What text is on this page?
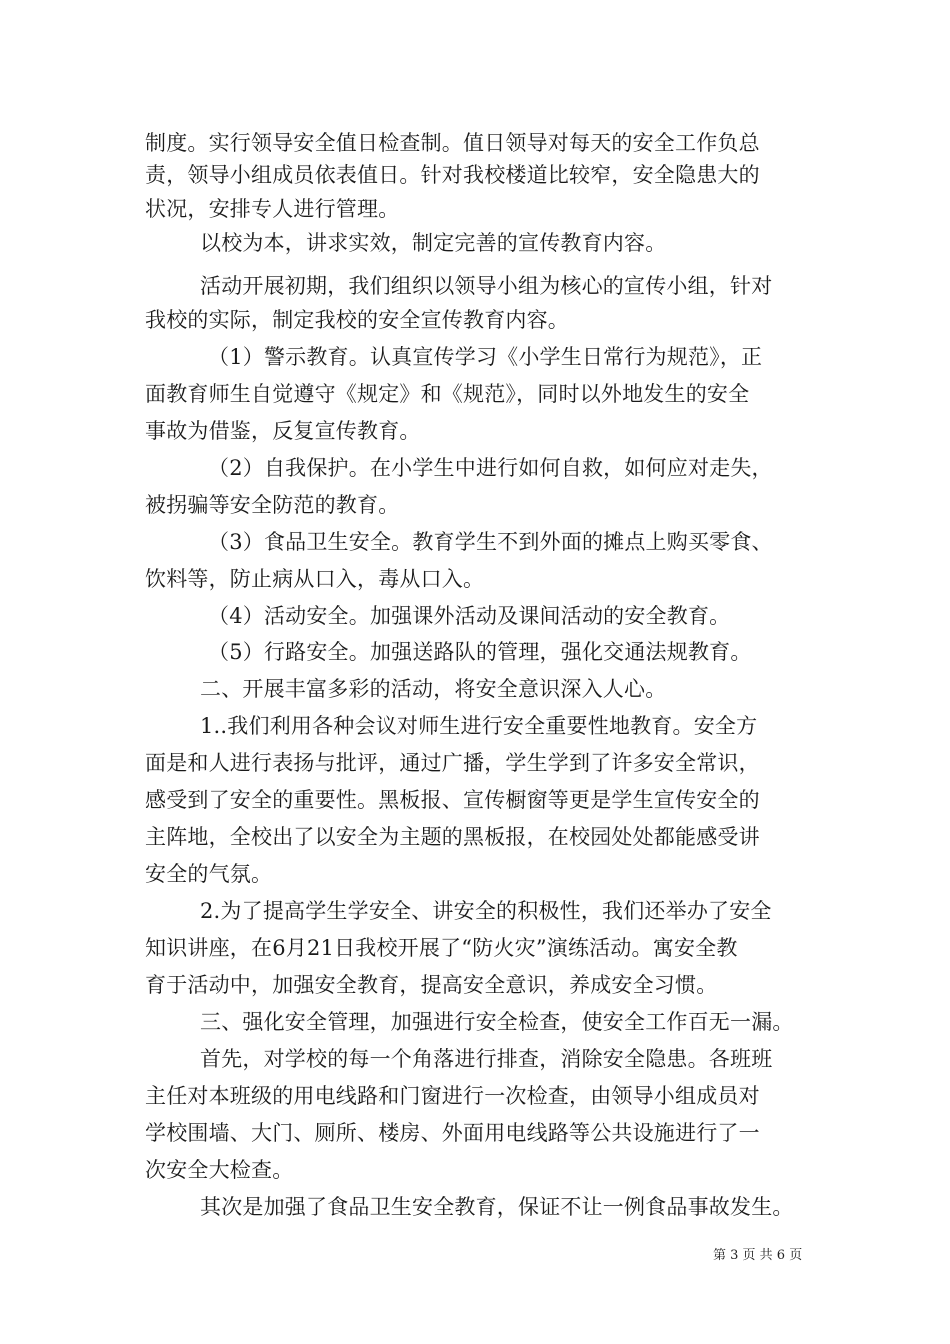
制度。实行领导安全值日检查制。值日领导对每天的安全工作负总
责，领导小组成员依表值日。针对我校楼道比较窄，安全隐患大的
状况，安排专人进行管理。
以校为本，讲求实效，制定完善的宣传教育内容。
活动开展初期，我们组织以领导小组为核心的宣传小组，针对
我校的实际，制定我校的安全宣传教育内容。
（1）警示教育。认真宣传学习《小学生日常行为规范》，正
面教育师生自觉遵守《规定》和《规范》，同时以外地发生的安全
事故为借鉴，反复宣传教育。
（2）自我保护。在小学生中进行如何自救，如何应对走失，
被拐骗等安全防范的教育。
（3）食品卫生安全。教育学生不到外面的摊点上购买零食、
饮料等，防止病从口入，毒从口入。
（4）活动安全。加强课外活动及课间活动的安全教育。
（5）行路安全。加强送路队的管理，强化交通法规教育。
二、开展丰富多彩的活动，将安全意识深入人心。
1..我们利用各种会议对师生进行安全重要性地教育。安全方
面是和人进行表扬与批评，通过广播，学生学到了许多安全常识，
感受到了安全的重要性。黑板报、宣传橱窗等更是学生宣传安全的
主阵地，全校出了以安全为主题的黑板报，在校园处处都能感受讲
安全的气氛。
2.为了提高学生学安全、讲安全的积极性，我们还举办了安全
知识讲座，在6月21日我校开展了“防火灾”演练活动。寓安全教
育于活动中，加强安全教育，提高安全意识，养成安全习惯。
三、强化安全管理，加强进行安全检查，使安全工作百无一漏。
首先，对学校的每一个角落进行排查，消除安全隐患。各班班
主任对本班级的用电线路和门窗进行一次检查，由领导小组成员对
学校围墙、大门、厕所、楼房、外面用电线路等公共设施进行了一
次安全大检查。
其次是加强了食品卫生安全教育，保证不让一例食品事故发生。
第 3 页 共 6 页
